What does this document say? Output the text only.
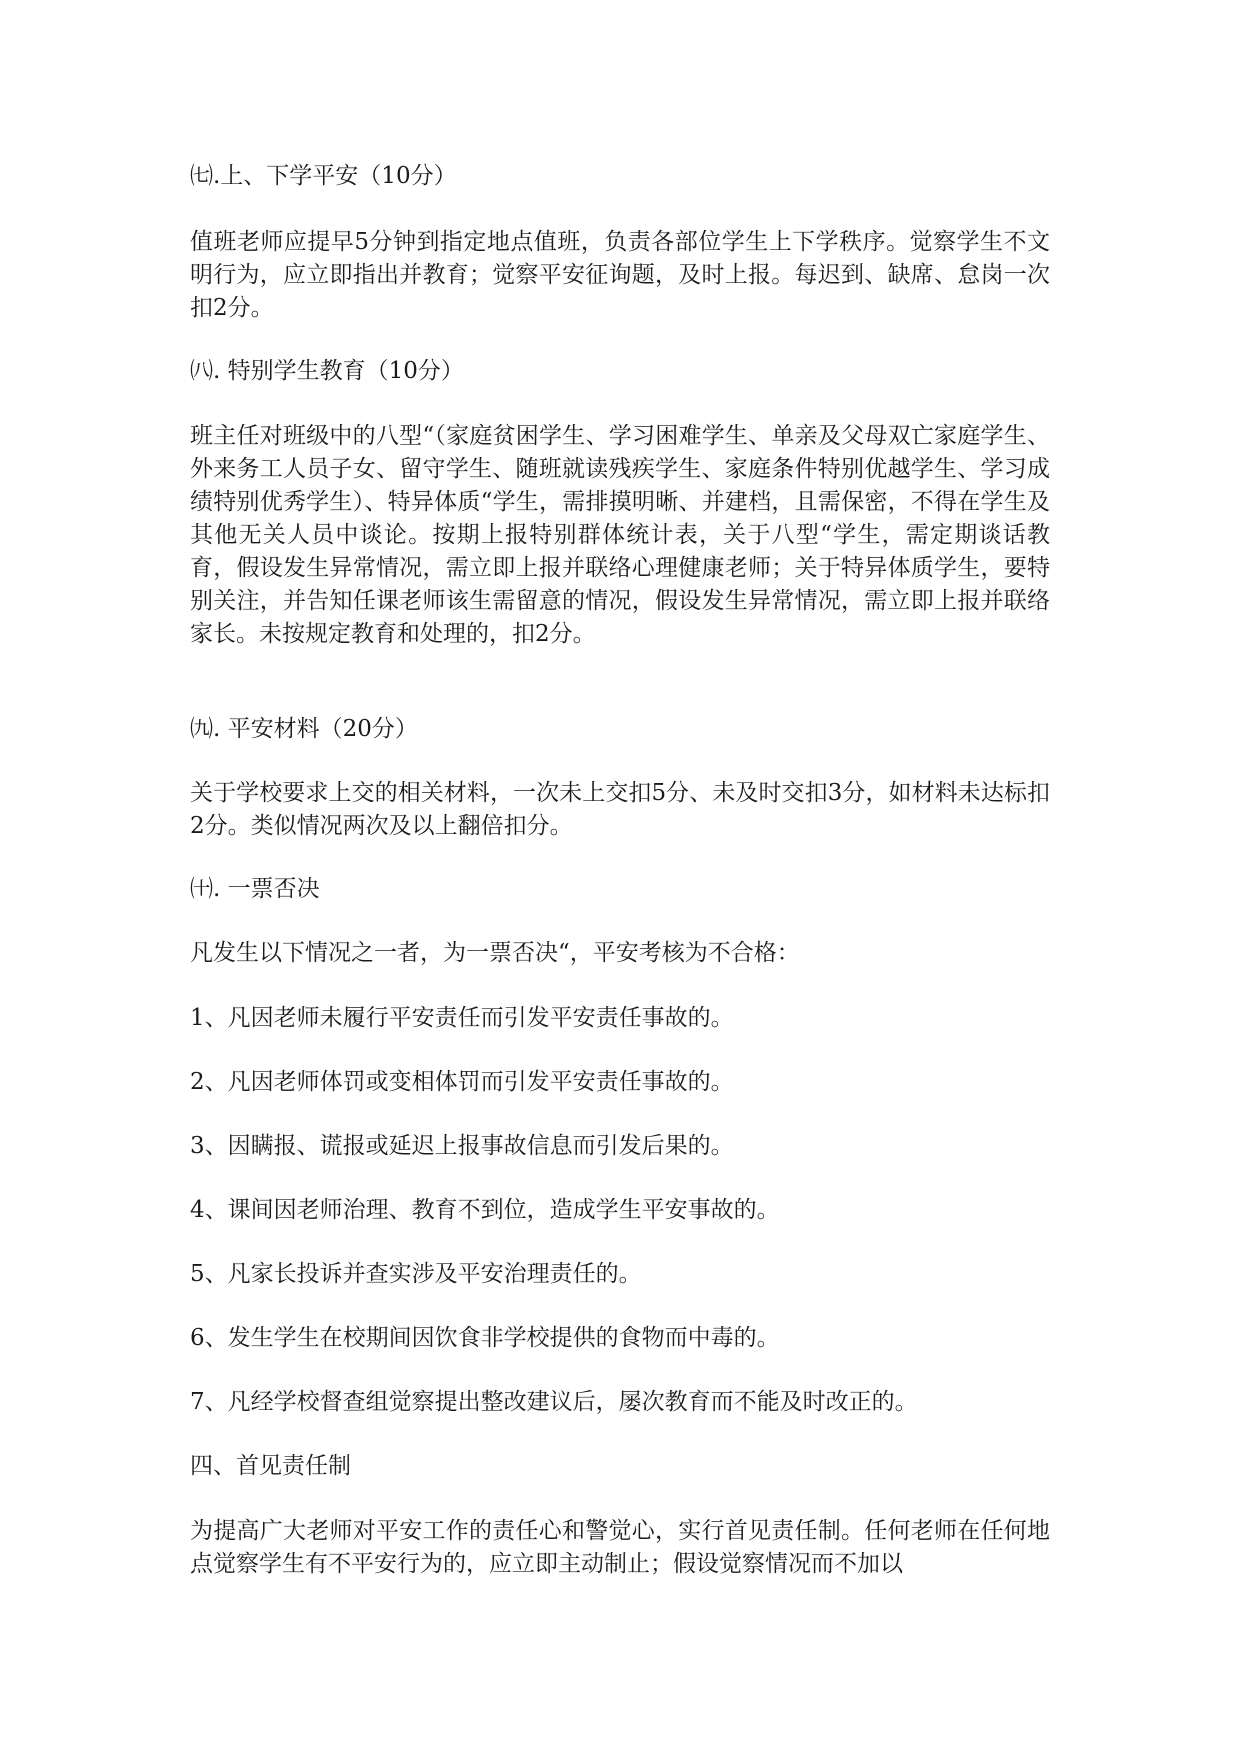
㈦.上、下学平安（10分）

值班老师应提早5分钟到指定地点值班，负责各部位学生上下学秩序。觉察学生不文明行为，应立即指出并教育；觉察平安征询题，及时上报。每迟到、缺席、怠岗一次扣2分。

㈧. 特别学生教育（10分）

班主任对班级中的八型“（家庭贫困学生、学习困难学生、单亲及父母双亡家庭学生、外来务工人员子女、留守学生、随班就读残疾学生、家庭条件特别优越学生、学习成绩特别优秀学生）、特异体质“学生，需排摸明晰、并建档，且需保密，不得在学生及其他无关人员中谈论。按期上报特别群体统计表，关于八型“学生，需定期谈话教育，假设发生异常情况，需立即上报并联络心理健康老师；关于特异体质学生，要特别关注，并告知任课老师该生需留意的情况，假设发生异常情况，需立即上报并联络家长。未按规定教育和处理的，扣2分。

㈨. 平安材料（20分）

关于学校要求上交的相关材料，一次未上交扣5分、未及时交扣3分，如材料未达标扣2分。类似情况两次及以上翻倍扣分。

㈩. 一票否决

凡发生以下情况之一者，为一票否决“，平安考核为不合格：

1、凡因老师未履行平安责任而引发平安责任事故的。

2、凡因老师体罚或变相体罚而引发平安责任事故的。

3、因瞒报、谎报或延迟上报事故信息而引发后果的。

4、课间因老师治理、教育不到位，造成学生平安事故的。

5、凡家长投诉并查实涉及平安治理责任的。

6、发生学生在校期间因饮食非学校提供的食物而中毒的。

7、凡经学校督查组觉察提出整改建议后，屡次教育而不能及时改正的。

四、首见责任制

为提高广大老师对平安工作的责任心和警觉心，实行首见责任制。任何老师在任何地点觉察学生有不平安行为的，应立即主动制止；假设觉察情况而不加以
